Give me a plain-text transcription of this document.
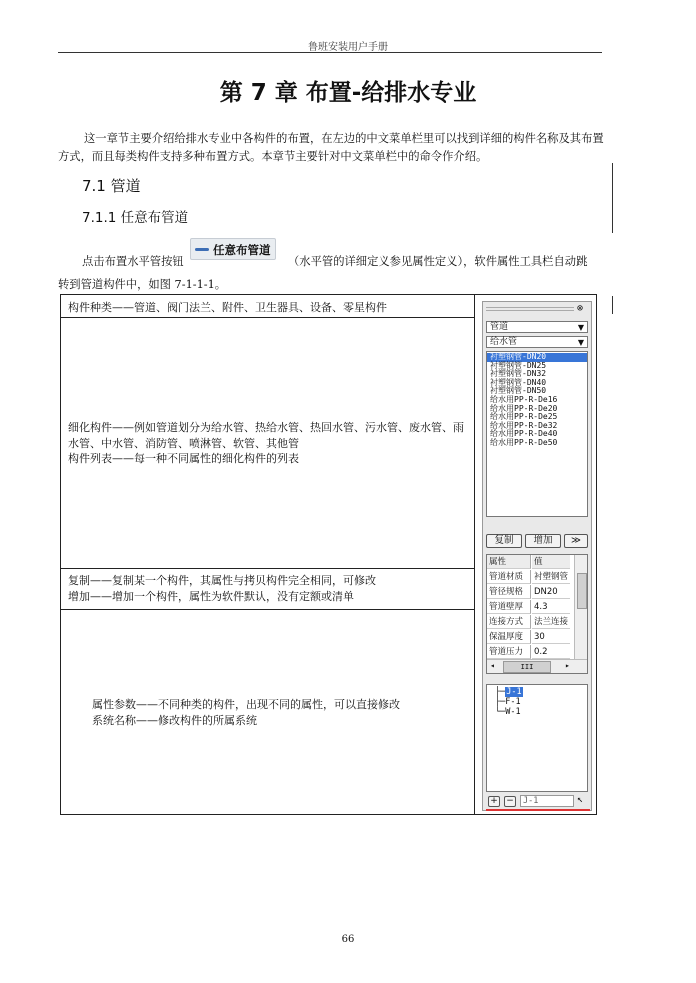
鲁班安装用户手册
第 7 章 布置-给排水专业
这一章节主要介绍给排水专业中各构件的布置，在左边的中文菜单栏里可以找到详细的构件名称及其布置方式，而且每类构件支持多种布置方式。本章节主要针对中文菜单栏中的命令作介绍。
7.1 管道
7.1.1 任意布管道
点击布置水平管按钮
任意布管道
（水平管的详细定义参见属性定义），软件属性工具栏自动跳
转到管道构件中，如图 7-1-1-1。
构件种类——管道、阀门法兰、附件、卫生器具、设备、零星构件
细化构件——例如管道划分为给水管、热给水管、热回水管、污水管、废水管、雨水管、中水管、消防管、喷淋管、软管、其他管
构件列表——每一种不同属性的细化构件的列表
复制——复制某一个构件，其属性与拷贝构件完全相同，可修改
增加——增加一个构件，属性为软件默认，没有定额或清单
属性参数——不同种类的构件，出现不同的属性，可以直接修改
系统名称——修改构件的所属系统
⊗
管道	▼
给水管	▼
衬塑钢管-DN20
衬塑钢管-DN25
衬塑钢管-DN32
衬塑钢管-DN40
衬塑钢管-DN50
给水用PP-R-De16
给水用PP-R-De20
给水用PP-R-De25
给水用PP-R-De32
给水用PP-R-De40
给水用PP-R-De50
复制	增加	≫
属性	值
管道材质	衬塑钢管
管径规格	DN20
管道壁厚	4.3
连接方式	法兰连接
保温厚度	30
管道压力	0.2
◂	III	▸
├─J-1
├─F-1
└─W-1
+ −	J-1	↖
66
